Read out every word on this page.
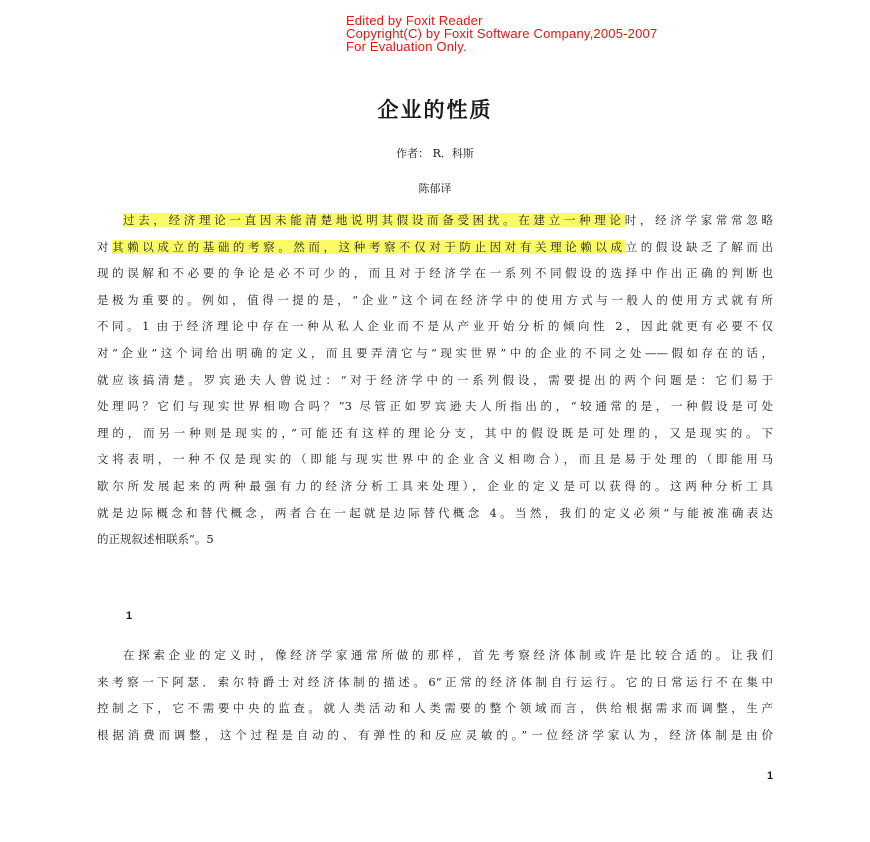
Edited by Foxit Reader
Copyright(C) by Foxit Software Company,2005-2007
For Evaluation Only.
企业的性质
作者： R．科斯
陈郁译
过去，经济理论一直因未能清楚地说明其假设而备受困扰。在建立一种理论时，经济学家常常忽略
对其赖以成立的基础的考察。然而，这种考察不仅对于防止因对有关理论赖以成立的假设缺乏了解而出
现的误解和不必要的争论是必不可少的，而且对于经济学在一系列不同假设的选择中作出正确的判断也
是极为重要的。例如，值得一提的是，“企业”这个词在经济学中的使用方式与一般人的使用方式就有所
不同。1 由于经济理论中存在一种从私人企业而不是从产业开始分析的倾向性 2，因此就更有必要不仅
对“企业”这个词给出明确的定义，而且要弄清它与“现实世界”中的企业的不同之处——假如存在的话，
就应该搞清楚。罗宾逊夫人曾说过：“对于经济学中的一系列假设，需要提出的两个问题是：它们易于
处理吗？它们与现实世界相吻合吗？”3 尽管正如罗宾逊夫人所指出的，“较通常的是，一种假设是可处
理的，而另一种则是现实的，”可能还有这样的理论分支，其中的假设既是可处理的，又是现实的。下
文将表明，一种不仅是现实的（即能与现实世界中的企业含义相吻合），而且是易于处理的（即能用马
歇尔所发展起来的两种最强有力的经济分析工具来处理），企业的定义是可以获得的。这两种分析工具
就是边际概念和替代概念，两者合在一起就是边际替代概念 4。当然，我们的定义必须“与能被准确表达
的正规叙述相联系”。5
1
在探索企业的定义时，像经济学家通常所做的那样，首先考察经济体制或许是比较合适的。让我们
来考察一下阿瑟．索尔特爵士对经济体制的描述。6“正常的经济体制自行运行。它的日常运行不在集中
控制之下，它不需要中央的监查。就人类活动和人类需要的整个领域而言，供给根据需求而调整，生产
根据消费而调整，这个过程是自动的、有弹性的和反应灵敏的。”一位经济学家认为，经济体制是由价
1
